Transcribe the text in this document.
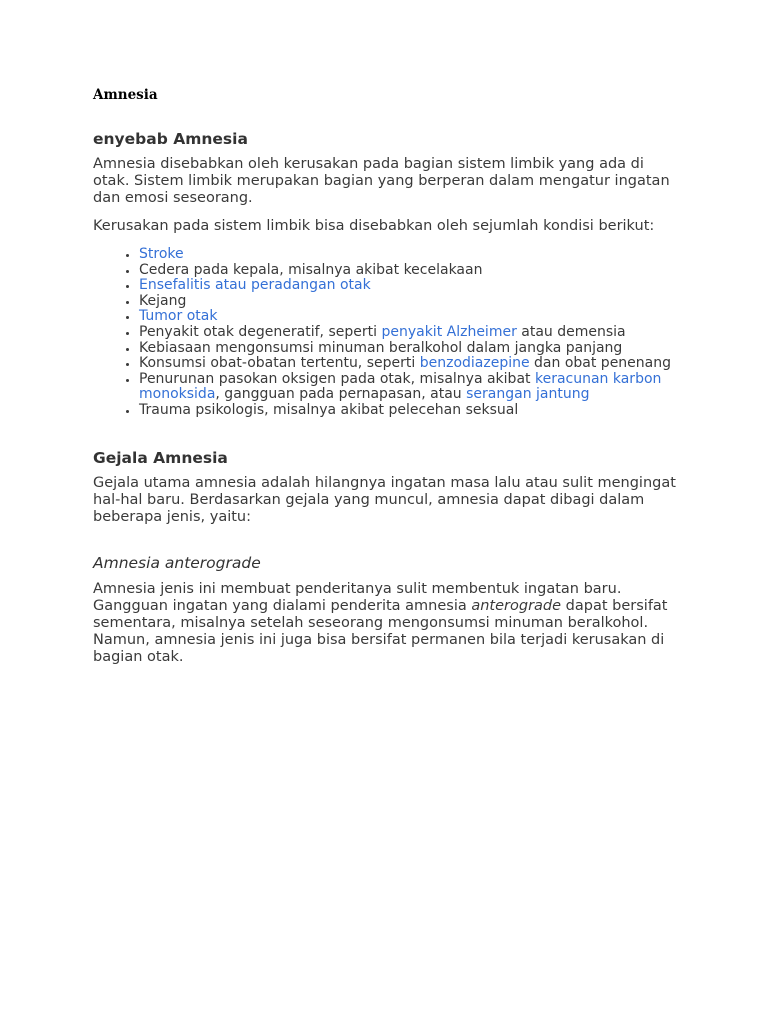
Amnesia
enyebab Amnesia

Amnesia disebabkan oleh kerusakan pada bagian sistem limbik yang ada di otak. Sistem limbik merupakan bagian yang berperan dalam mengatur ingatan dan emosi seseorang.

Kerusakan pada sistem limbik bisa disebabkan oleh sejumlah kondisi berikut:

• Stroke
• Cedera pada kepala, misalnya akibat kecelakaan
• Ensefalitis atau peradangan otak
• Kejang
• Tumor otak
• Penyakit otak degeneratif, seperti penyakit Alzheimer atau demensia
• Kebiasaan mengonsumsi minuman beralkohol dalam jangka panjang
• Konsumsi obat-obatan tertentu, seperti benzodiazepine dan obat penenang
• Penurunan pasokan oksigen pada otak, misalnya akibat keracunan karbon monoksida, gangguan pada pernapasan, atau serangan jantung
• Trauma psikologis, misalnya akibat pelecehan seksual
Gejala Amnesia

Gejala utama amnesia adalah hilangnya ingatan masa lalu atau sulit mengingat hal-hal baru. Berdasarkan gejala yang muncul, amnesia dapat dibagi dalam beberapa jenis, yaitu:

Amnesia anterograde

Amnesia jenis ini membuat penderitanya sulit membentuk ingatan baru. Gangguan ingatan yang dialami penderita amnesia anterograde dapat bersifat sementara, misalnya setelah seseorang mengonsumsi minuman beralkohol. Namun, amnesia jenis ini juga bisa bersifat permanen bila terjadi kerusakan di bagian otak.
